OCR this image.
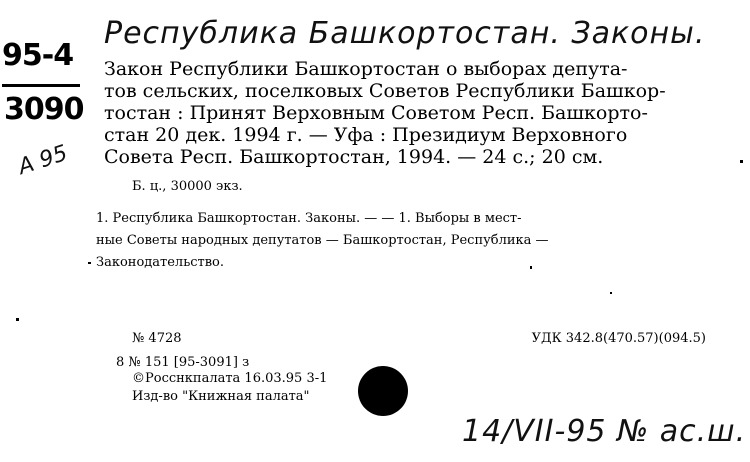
95-4
3090
А 95
Республика Башкортостан. Законы.
Закон Республики Башкортостан о выборах депута-
тов сельских, поселковых Советов Республики Башкор-
тостан : Принят Верховным Советом Респ. Башкорто-
стан 20 дек. 1994 г. — Уфа : Президиум Верховного
Совета Респ. Башкортостан, 1994. — 24 с.; 20 см.
Б. ц., 30000 экз.
1. Республика Башкортостан. Законы. — — 1. Выборы в мест-
ные Советы народных депутатов — Башкортостан, Республика —
Законодательство.
№ 4728	УДК 342.8(470.57)(094.5)
8 № 151 [95-3091] з
©Росснкпалата 16.03.95 3-1
Изд-во "Книжная палата"
14/VII-95 № ас.ш.
